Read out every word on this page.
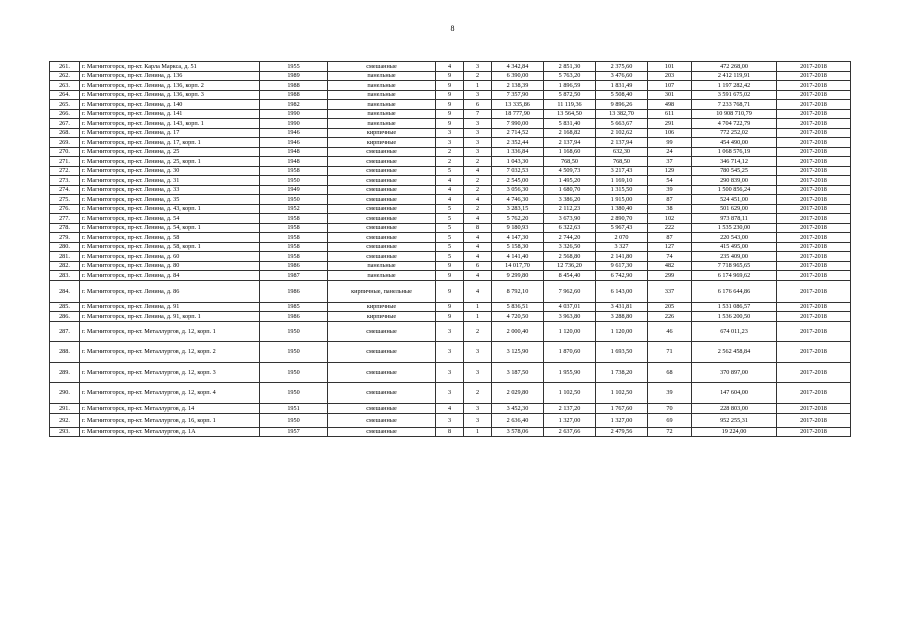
8
261.	г. Магнитогорск, пр-кт. Карла Маркса, д. 51	1955	смешанные	4	3	4 342,84	2 851,30	2 375,60	101	472 268,00	2017-2018
262.	г. Магнитогорск, пр-кт. Ленина, д. 136	1989	панельные	9	2	6 390,00	5 763,20	3 476,60	203	2 412 119,91	2017-2018
263.	г. Магнитогорск, пр-кт. Ленина, д. 136, корп. 2	1988	панельные	9	1	2 138,39	1 896,59	1 831,49	107	1 197 282,42	2017-2018
264.	г. Магнитогорск, пр-кт. Ленина, д. 136, корп. 3	1988	панельные	9	3	7 357,90	5 872,50	5 508,40	301	3 591 675,02	2017-2018
265.	г. Магнитогорск, пр-кт. Ленина, д. 140	1982	панельные	9	6	13 335,86	11 119,36	9 896,26	498	7 233 768,71	2017-2018
266.	г. Магнитогорск, пр-кт. Ленина, д. 141	1990	панельные	9	7	18 777,90	13 564,50	13 382,70	611	10 908 710,79	2017-2018
267.	г. Магнитогорск, пр-кт. Ленина, д. 143, корп. 1	1990	панельные	9	3	7 990,00	5 831,40	5 663,67	291	4 704 722,79	2017-2018
268.	г. Магнитогорск, пр-кт. Ленина, д. 17	1946	кирпичные	3	3	2 714,52	2 168,82	2 102,62	106	772 252,02	2017-2018
269.	г. Магнитогорск, пр-кт. Ленина, д. 17, корп. 1	1946	кирпичные	3	3	2 352,44	2 137,94	2 137,94	99	454 490,00	2017-2018
270.	г. Магнитогорск, пр-кт. Ленина, д. 25	1948	смешанные	2	3	1 336,84	1 168,60	632,30	24	1 068 576,19	2017-2018
271.	г. Магнитогорск, пр-кт. Ленина, д. 25, корп. 1	1948	смешанные	2	2	1 043,30	768,50	768,50	37	346 714,12	2017-2018
272.	г. Магнитогорск, пр-кт. Ленина, д. 30	1958	смешанные	5	4	7 032,53	4 509,73	3 217,43	129	780 545,25	2017-2018
273.	г. Магнитогорск, пр-кт. Ленина, д. 31	1950	смешанные	4	2	2 545,00	1 495,20	1 169,10	54	290 839,00	2017-2018
274.	г. Магнитогорск, пр-кт. Ленина, д. 33	1949	смешанные	4	2	3 056,30	1 680,70	1 315,50	39	1 500 856,24	2017-2018
275.	г. Магнитогорск, пр-кт. Ленина, д. 35	1950	смешанные	4	4	4 746,30	3 386,20	1 915,00	87	524 451,00	2017-2018
276.	г. Магнитогорск, пр-кт. Ленина, д. 43, корп. 1	1952	смешанные	5	2	3 283,15	2 112,23	1 380,40	38	501 629,00	2017-2018
277.	г. Магнитогорск, пр-кт. Ленина, д. 54	1958	смешанные	5	4	5 762,20	3 673,90	2 890,70	102	973 878,11	2017-2018
278.	г. Магнитогорск, пр-кт. Ленина, д. 54, корп. 1	1958	смешанные	5	8	9 180,93	6 322,63	5 967,43	222	1 535 230,00	2017-2018
279.	г. Магнитогорск, пр-кт. Ленина, д. 58	1958	смешанные	5	4	4 147,30	2 744,20	2 070	87	220 543,00	2017-2018
280.	г. Магнитогорск, пр-кт. Ленина, д. 58, корп. 1	1958	смешанные	5	4	5 158,30	3 326,50	3 327	127	415 495,00	2017-2018
281.	г. Магнитогорск, пр-кт. Ленина, д. 60	1958	смешанные	5	4	4 141,40	2 568,80	2 141,80	74	235 409,00	2017-2018
282.	г. Магнитогорск, пр-кт. Ленина, д. 80	1986	панельные	9	6	14 017,70	12 736,20	9 617,30	482	7 718 965,65	2017-2018
283.	г. Магнитогорск, пр-кт. Ленина, д. 84	1987	панельные	9	4	9 299,80	8 454,40	6 742,90	299	6 174 969,62	2017-2018
284.	г. Магнитогорск, пр-кт. Ленина, д. 86	1986	кирпичные, панельные	9	4	8 792,10	7 962,60	6 143,00	337	6 176 644,86	2017-2018
285.	г. Магнитогорск, пр-кт. Ленина, д. 91	1985	кирпичные	9	1	5 836,51	4 037,01	3 431,81	205	1 531 086,57	2017-2018
286.	г. Магнитогорск, пр-кт. Ленина, д. 91, корп. 1	1986	кирпичные	9	1	4 720,50	3 963,80	3 288,80	226	1 536 200,50	2017-2018
287.	г. Магнитогорск, пр-кт. Металлургов, д. 12, корп. 1	1950	смешанные	3	2	2 000,40	1 120,00	1 120,00	46	674 011,23	2017-2018
288.	г. Магнитогорск, пр-кт. Металлургов, д. 12, корп. 2	1950	смешанные	3	3	3 125,90	1 870,60	1 693,50	71	2 562 458,84	2017-2018
289.	г. Магнитогорск, пр-кт. Металлургов, д. 12, корп. 3	1950	смешанные	3	3	3 187,50	1 955,90	1 738,20	68	370 897,00	2017-2018
290.	г. Магнитогорск, пр-кт. Металлургов, д. 12, корп. 4	1950	смешанные	3	2	2 029,80	1 102,50	1 102,50	39	147 604,00	2017-2018
291.	г. Магнитогорск, пр-кт. Металлургов, д. 14	1951	смешанные	4	3	3 452,30	2 137,20	1 767,60	70	228 803,00	2017-2018
292.	г. Магнитогорск, пр-кт. Металлургов, д. 16, корп. 1	1950	смешанные	3	3	2 636,40	1 327,00	1 327,00	69	952 255,31	2017-2018
293.	г. Магнитогорск, пр-кт. Металлургов, д. 1А	1957	смешанные	8	1	3 578,06	2 637,66	2 479,56	72	19 224,00	2017-2018
